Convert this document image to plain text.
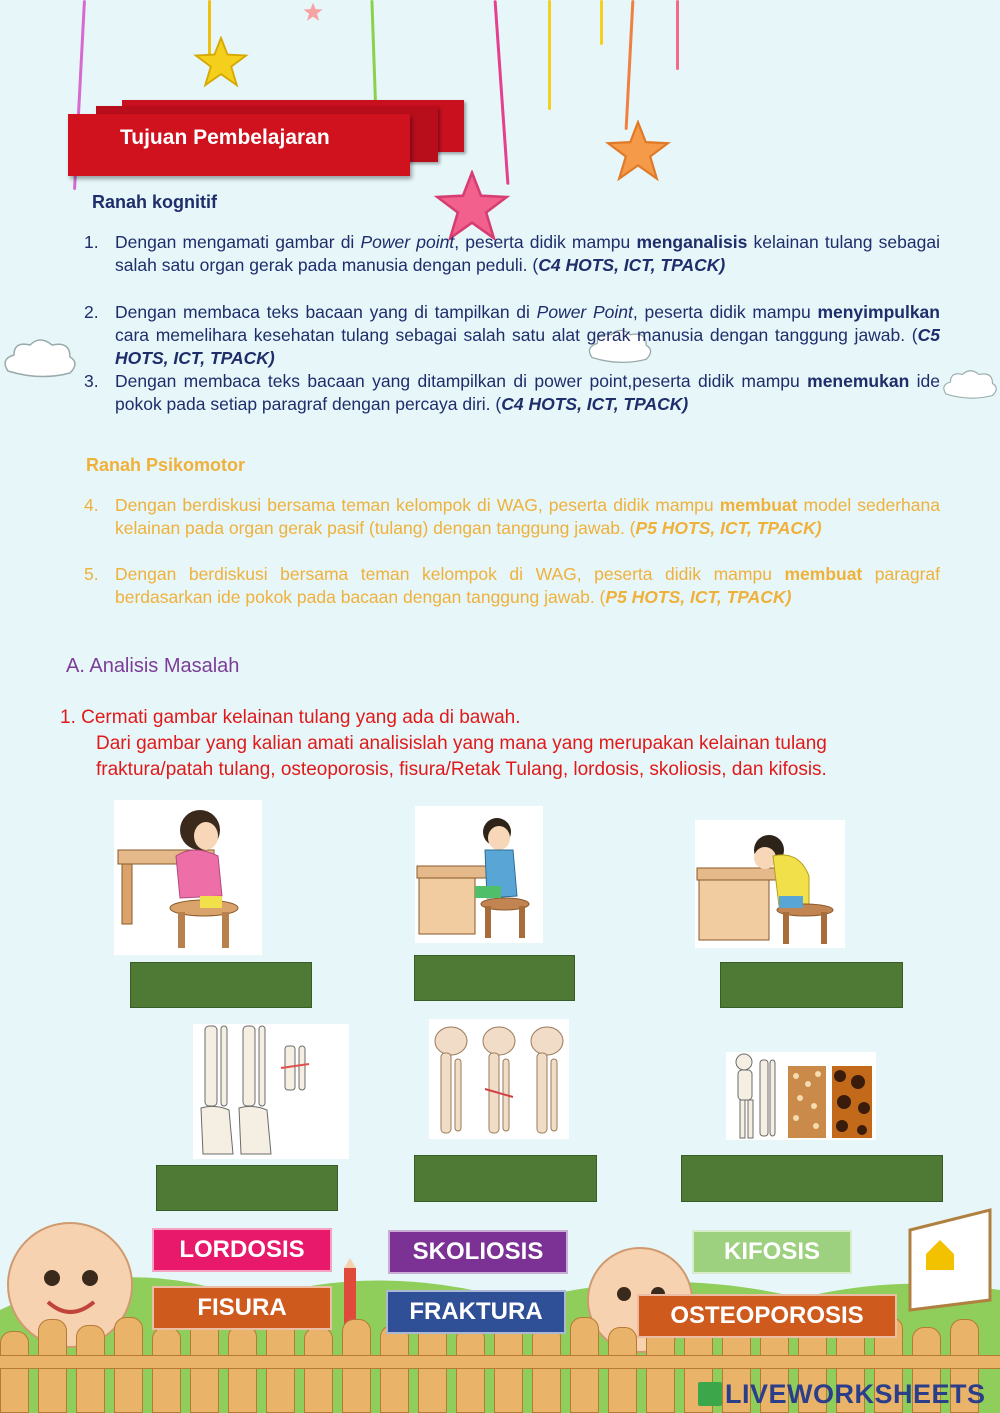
Tujuan Pembelajaran
Ranah kognitif
1. Dengan mengamati gambar di Power point, peserta didik mampu menganalisis kelainan tulang sebagai salah satu organ gerak pada manusia dengan peduli. (C4 HOTS, ICT, TPACK)
2. Dengan membaca teks bacaan yang di tampilkan di Power Point, peserta didik mampu menyimpulkan cara memelihara kesehatan tulang sebagai salah satu alat gerak manusia dengan tanggung jawab. (C5 HOTS, ICT, TPACK)
3. Dengan membaca teks bacaan yang ditampilkan di power point,peserta didik mampu menemukan ide pokok pada setiap paragraf dengan percaya diri. (C4 HOTS, ICT, TPACK)
Ranah Psikomotor
4. Dengan berdiskusi bersama teman kelompok di WAG, peserta didik mampu membuat model sederhana kelainan pada organ gerak pasif (tulang) dengan tanggung jawab. (P5 HOTS, ICT, TPACK)
5. Dengan berdiskusi bersama teman kelompok di WAG, peserta didik mampu membuat paragraf berdasarkan ide pokok pada bacaan dengan tanggung jawab. (P5 HOTS, ICT, TPACK)
A. Analisis Masalah
1. Cermati gambar kelainan tulang yang ada di bawah.
Dari gambar yang kalian amati analisislah yang mana yang merupakan kelainan tulang
fraktura/patah tulang, osteoporosis, fisura/Retak Tulang, lordosis, skoliosis, dan kifosis.
LORDOSIS	SKOLIOSIS	KIFOSIS
FISURA	FRAKTURA	OSTEOPOROSIS
LIVEWORKSHEETS
